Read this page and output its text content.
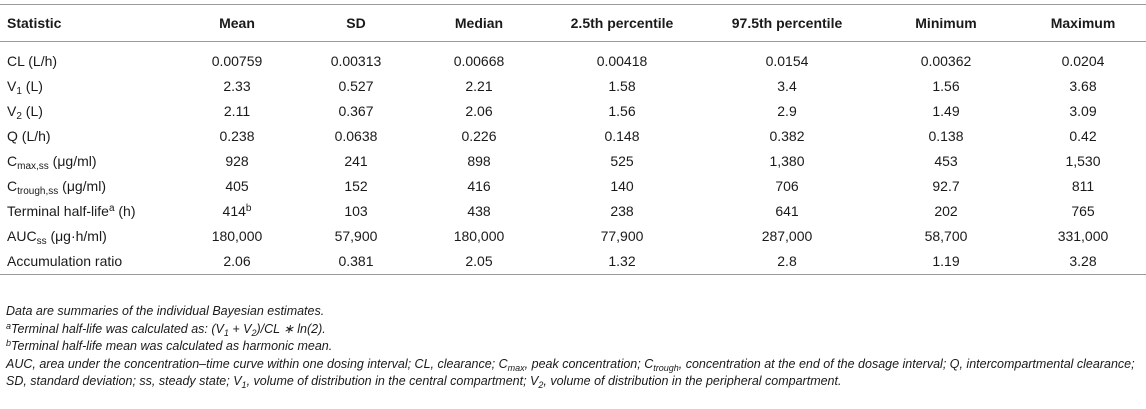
Statistic	Mean	SD	Median	2.5th percentile	97.5th percentile	Minimum	Maximum
CL (L/h)	0.00759	0.00313	0.00668	0.00418	0.0154	0.00362	0.0204
$V_1$ (L)	2.33	0.527	2.21	1.58	3.4	1.56	3.68
$V_2$ (L)	2.11	0.367	2.06	1.56	2.9	1.49	3.09
Q (L/h)	0.238	0.0638	0.226	0.148	0.382	0.138	0.42
$C_{max,ss}$ (μg/ml)	928	241	898	525	1,380	453	1,530
$C_{trough,ss}$ (μg/ml)	405	152	416	140	706	92.7	811
Terminal half-life$^a$ (h)	414$^b$	103	438	238	641	202	765
$AUC_{ss}$ (μg·h/ml)	180,000	57,900	180,000	77,900	287,000	58,700	331,000
Accumulation ratio	2.06	0.381	2.05	1.32	2.8	1.19	3.28

Data are summaries of the individual Bayesian estimates.

$^a$Terminal half-life was calculated as: $(V_1 + V_2)/CL$ ∗ ln(2).

$^b$Terminal half-life mean was calculated as harmonic mean.

AUC, area under the concentration–time curve within one dosing interval; CL, clearance; $C_{max}$, peak concentration; $C_{trough}$, concentration at the end of the dosage interval; Q, intercompartmental clearance; SD, standard deviation; ss, steady state; $V_1$, volume of distribution in the central compartment; $V_2$, volume of distribution in the peripheral compartment.
